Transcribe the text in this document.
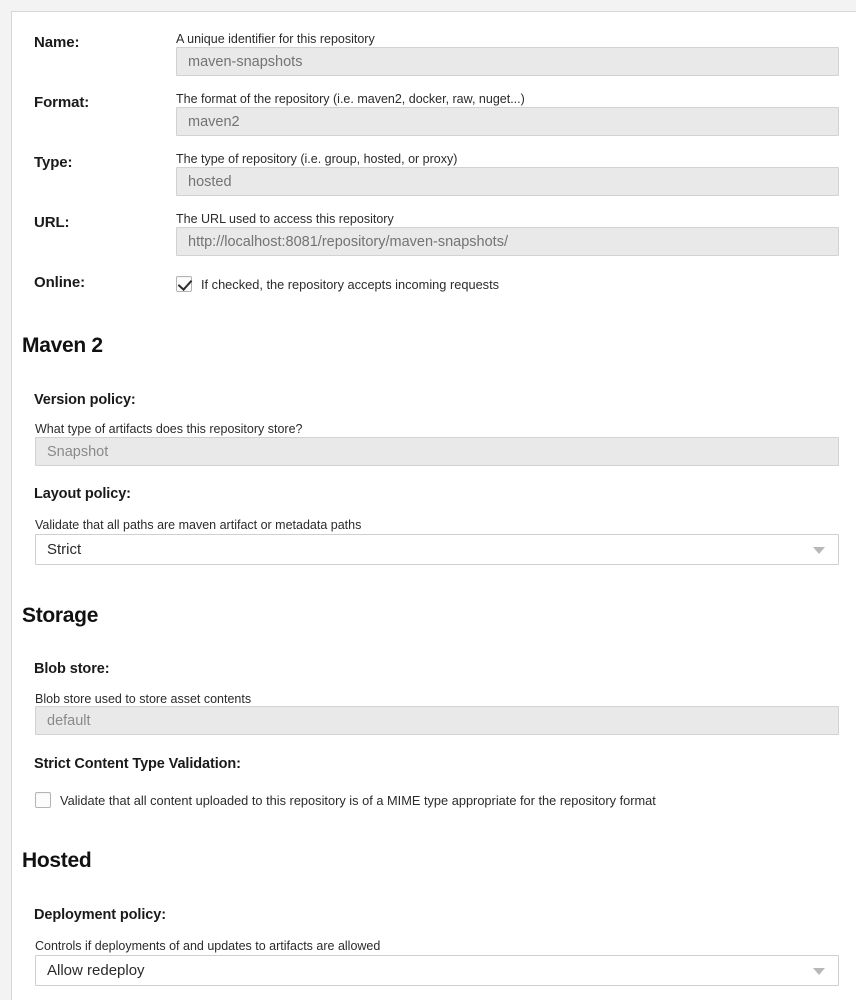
Name:	A unique identifier for this repository
maven-snapshots
Format:	The format of the repository (i.e. maven2, docker, raw, nuget...)
maven2
Type:	The type of repository (i.e. group, hosted, or proxy)
hosted
URL:	The URL used to access this repository
http://localhost:8081/repository/maven-snapshots/
Online:	If checked, the repository accepts incoming requests
Maven 2
Version policy:
What type of artifacts does this repository store?
Snapshot
Layout policy:
Validate that all paths are maven artifact or metadata paths
Strict
Storage
Blob store:
Blob store used to store asset contents
default
Strict Content Type Validation:
Validate that all content uploaded to this repository is of a MIME type appropriate for the repository format
Hosted
Deployment policy:
Controls if deployments of and updates to artifacts are allowed
Allow redeploy
